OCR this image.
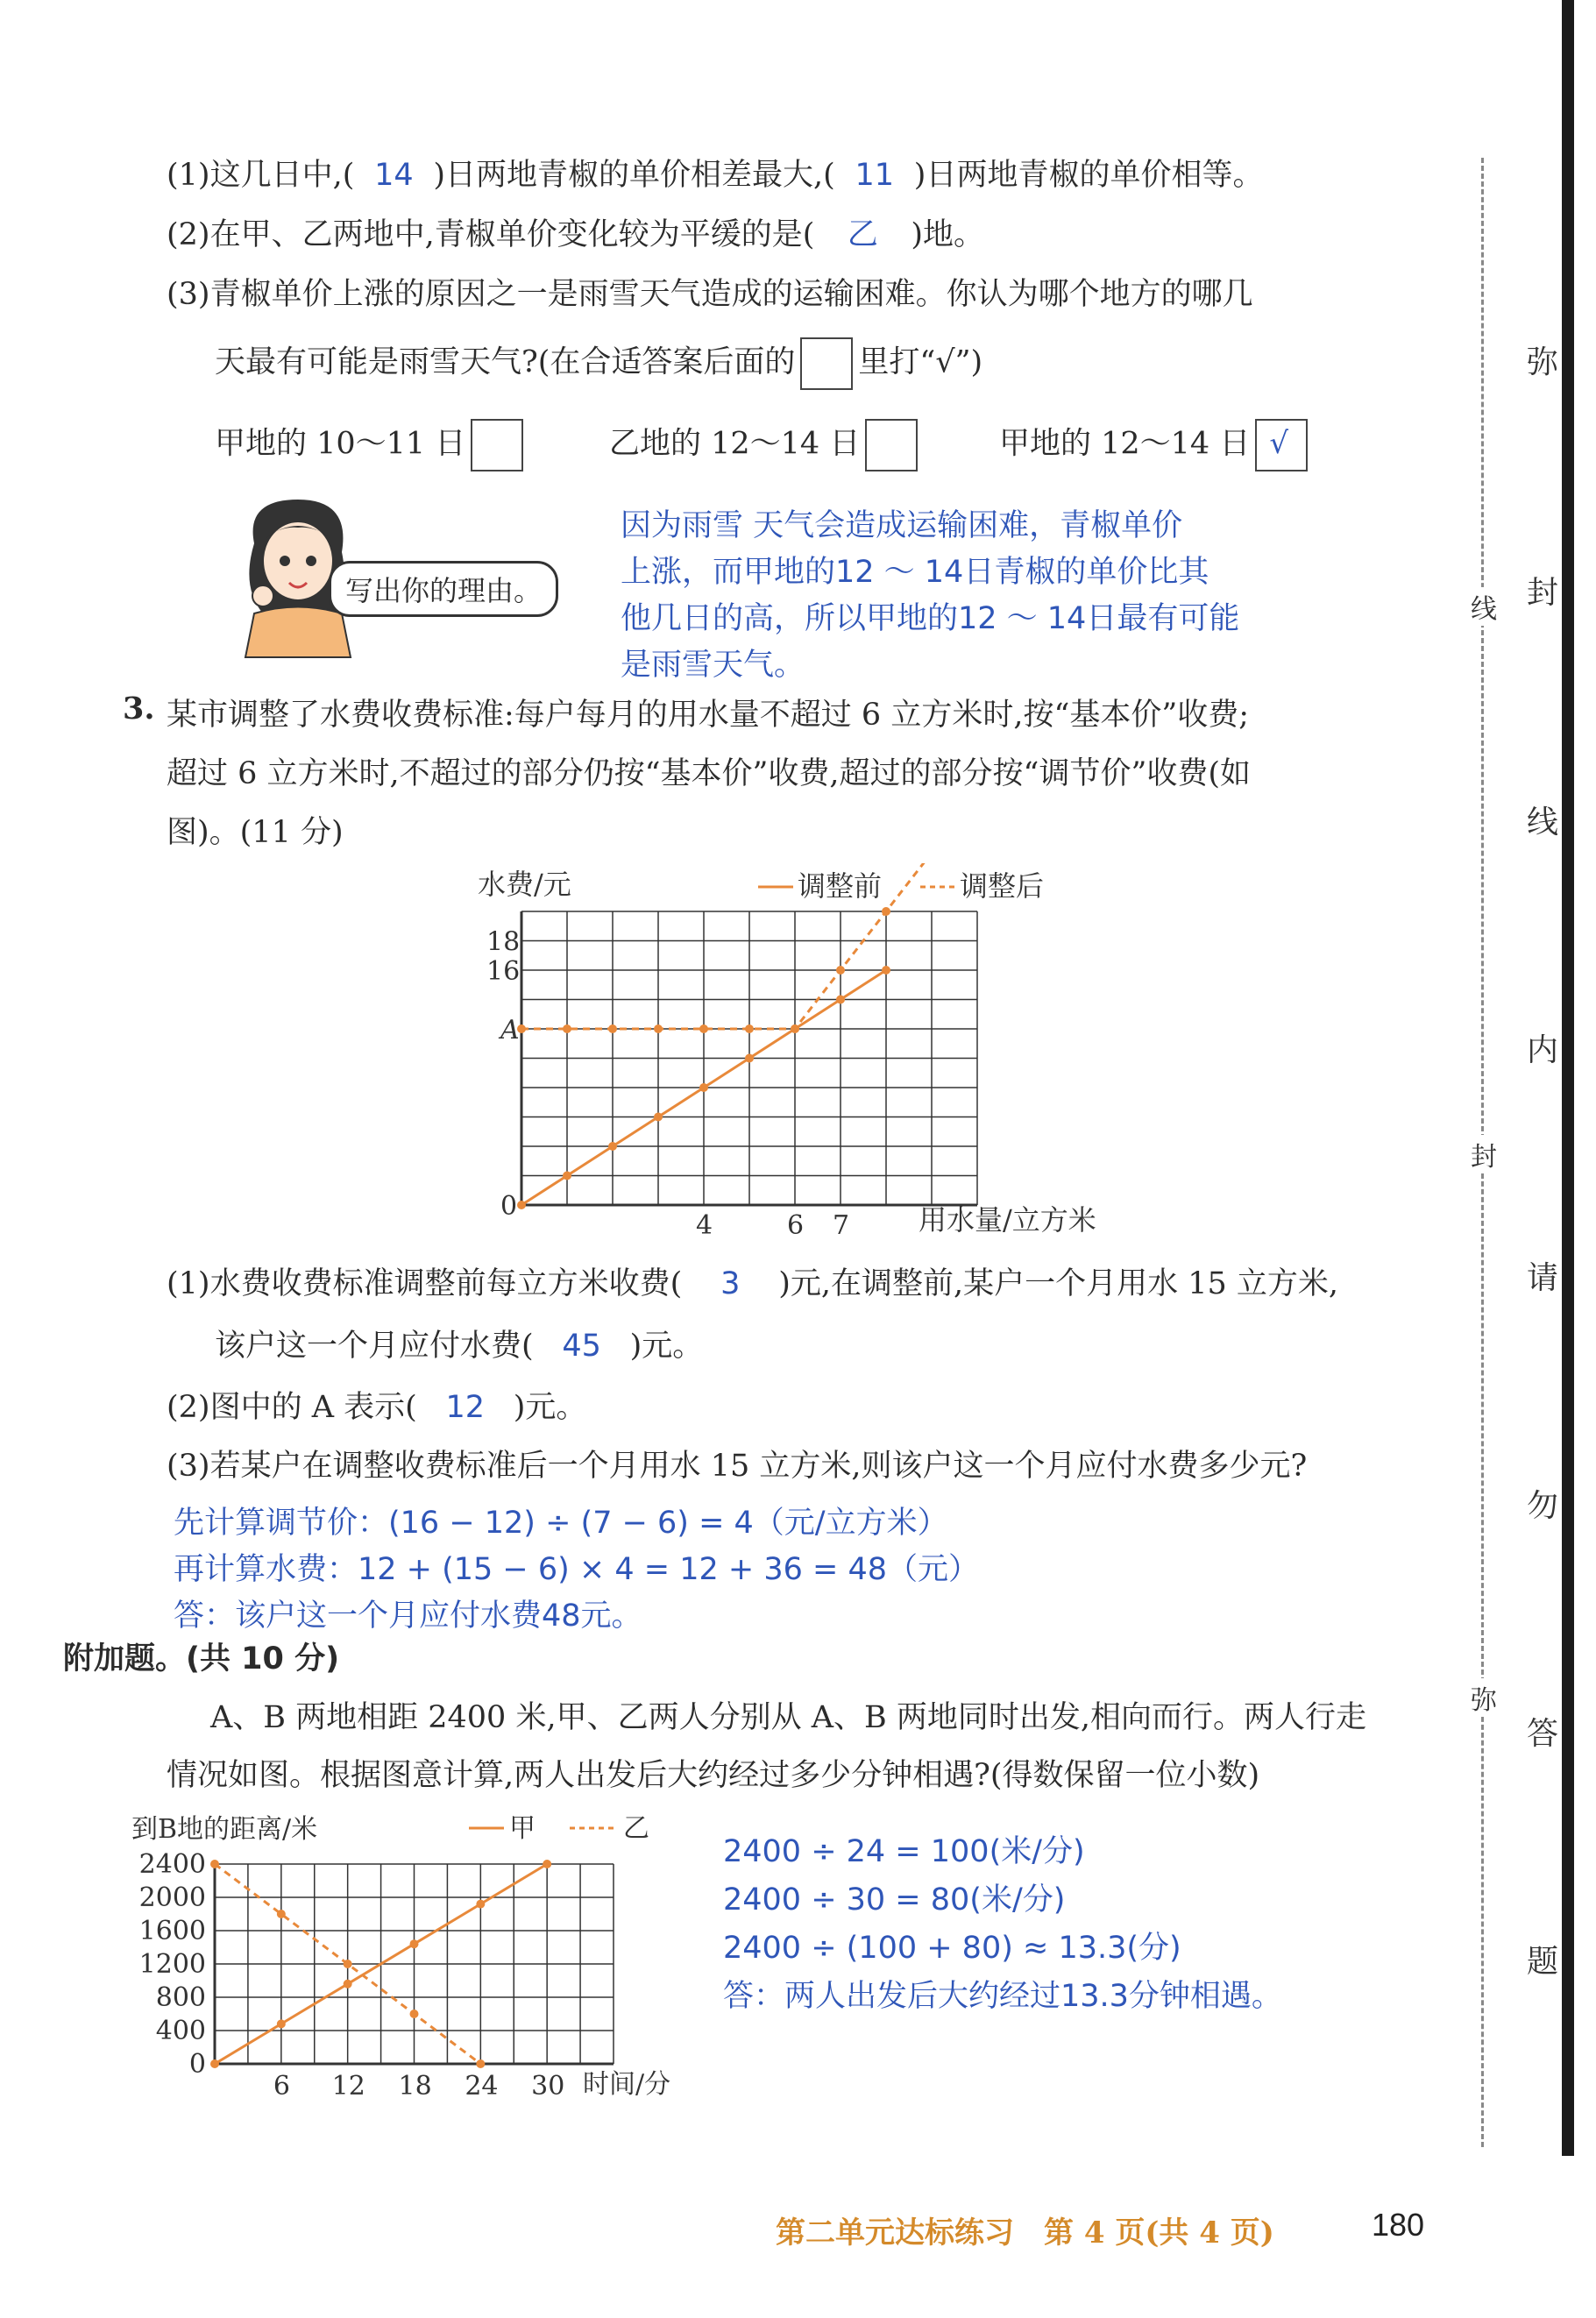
(1)这几日中,( 14 )日两地青椒的单价相差最大,( 11 )日两地青椒的单价相等。
(2)在甲、乙两地中,青椒单价变化较为平缓的是( 乙 )地。
(3)青椒单价上涨的原因之一是雨雪天气造成的运输困难。你认为哪个地方的哪几
天最有可能是雨雪天气?(在合适答案后面的 里打“√”)
甲地的 10～11 日	乙地的 12～14 日	甲地的 12～14 日√
写出你的理由。
因为雨雪 天气会造成运输困难，青椒单价
上涨，而甲地的12 ～ 14日青椒的单价比其
他几日的高，所以甲地的12 ～ 14日最有可能
是雨雪天气。
3. 某市调整了水费收费标准:每户每月的用水量不超过 6 立方米时,按“基本价”收费;
超过 6 立方米时,不超过的部分仍按“基本价”收费,超过的部分按“调节价”收费(如
图)。(11 分)
水费/元	调整前	调整后
4	6 7
0
A
16
18
用水量/立方米
(1)水费收费标准调整前每立方米收费( 3 )元,在调整前,某户一个月用水 15 立方米,
该户这一个月应付水费( 45 )元。
(2)图中的 A 表示( 12 )元。
(3)若某户在调整收费标准后一个月用水 15 立方米,则该户这一个月应付水费多少元?
先计算调节价：(16 − 12) ÷ (7 − 6) = 4（元/立方米）
再计算水费：12 + (15 − 6) × 4 = 12 + 36 = 48（元）
答：该户这一个月应付水费48元。
附加题。(共 10 分)
A、B 两地相距 2400 米,甲、乙两人分别从 A、B 两地同时出发,相向而行。两人行走
情况如图。根据图意计算,两人出发后大约经过多少分钟相遇?(得数保留一位小数)
到B地的距离/米	甲	乙
6 12 18 24 30
0
400
800
1200
1600
2000
2400
时间/分
2400 ÷ 24 = 100(米/分)
2400 ÷ 30 = 80(米/分)
2400 ÷ (100 + 80) ≈ 13.3(分)
答：两人出发后大约经过13.3分钟相遇。
线
封
弥
弥
封
线
内
请
勿
答
题
第二单元达标练习　第 4 页(共 4 页)	180
